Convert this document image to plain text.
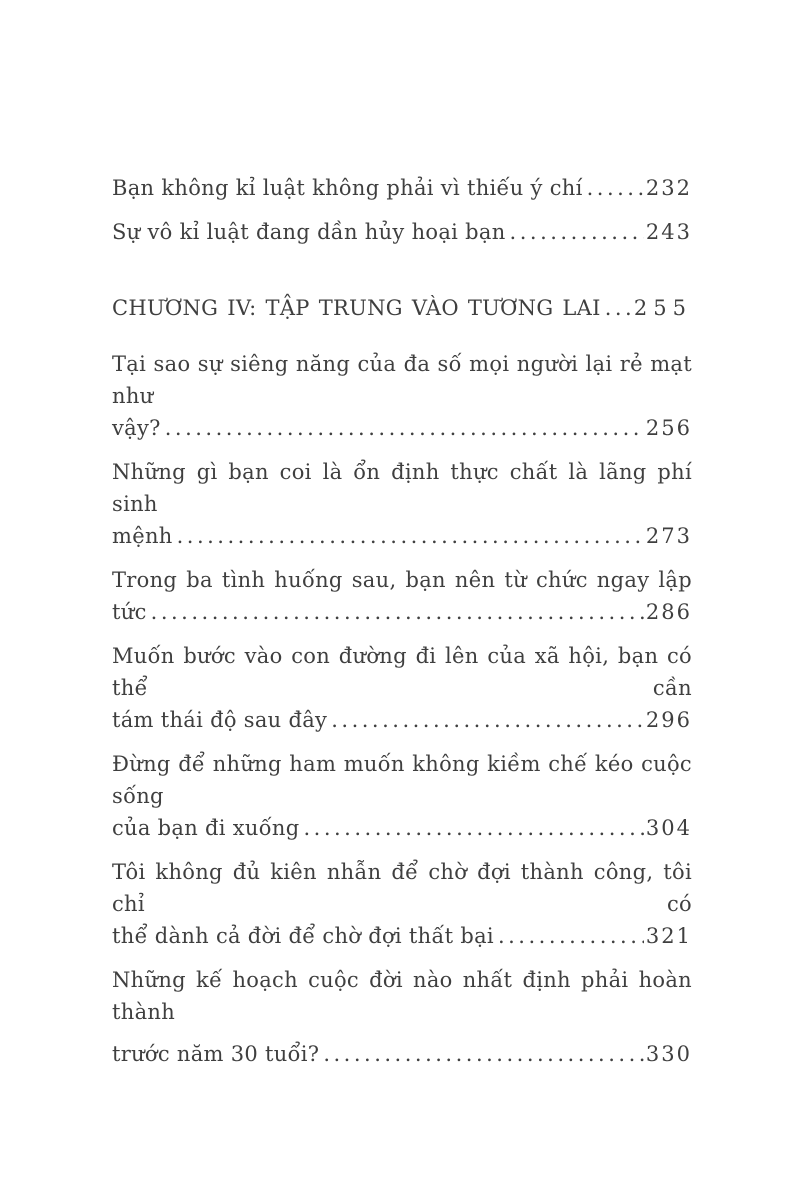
Bạn không kỉ luật không phải vì thiếu ý chí .....	232
Sự vô kỉ luật đang dần hủy hoại bạn .....	243
CHƯƠNG IV: TẬP TRUNG VÀO TƯƠNG LAI ..... 255
Tại sao sự siêng năng của đa số mọi người lại rẻ mạt như
vậy? .....	256
Những gì bạn coi là ổn định thực chất là lãng phí sinh
mệnh .....	273
Trong ba tình huống sau, bạn nên từ chức ngay lập
tức .....	286
Muốn bước vào con đường đi lên của xã hội, bạn có thể cần
tám thái độ sau đây .....	296
Đừng để những ham muốn không kiềm chế kéo cuộc sống
của bạn đi xuống .....	304
Tôi không đủ kiên nhẫn để chờ đợi thành công, tôi chỉ có
thể dành cả đời để chờ đợi thất bại .....	321
Những kế hoạch cuộc đời nào nhất định phải hoàn thành
trước năm 30 tuổi? .....	330
